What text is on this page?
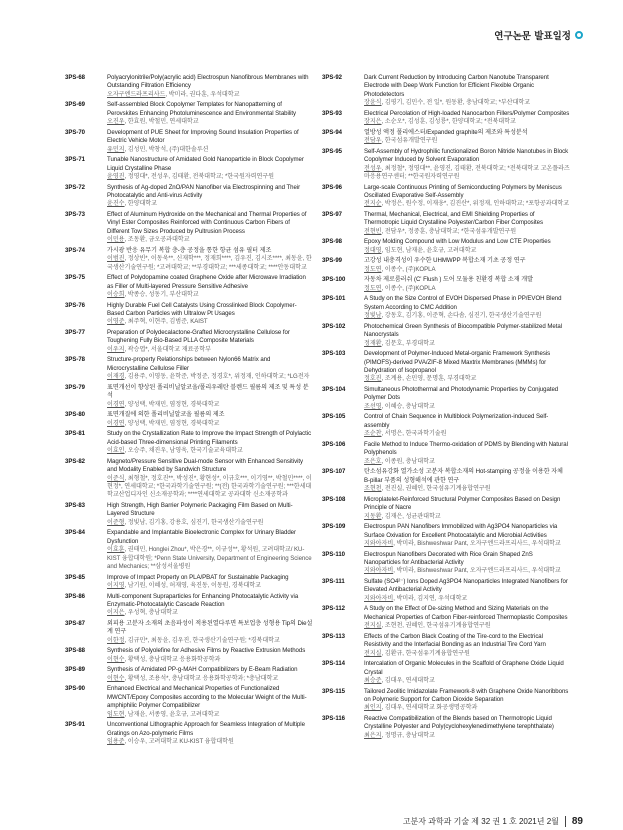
연구논문 발표일정
3PS-68	Polyacrylonitrile/Poly(acrylic acid) Electrospun Nanofibrous Membranes with Outstanding Filtration Efficiency
오자구엔드라프리사드, 박미라, 권다훈, 우석대학교
3PS-69	Self-assembled Block Copolymer Templates for Nanopatterning of Perovskites Enhancing Photoluminescence and Environmental Stability
오진우, 한효원, 박철민, 연세대학교
3PS-70	Development of PUE Sheet for Improving Sound Insulation Properties of Electric Vehicle Motor
유민지, 김성민, 박창석, (주)대한솔루션
3PS-71	Tunable Nanostructure of Amidated Gold Nanoparticle in Block Copolymer Liquid Crystalline Phase
윤영진, 정영대*, 전성우, 김태환, 전북대학교; *한국원자력연구원
3PS-72	Synthesis of Ag-doped ZnO/PAN Nanofiber via Electrospinning and Their Photocatalytic and Anti-virus Activity
윤진수, 한양대학교
3PS-73	Effect of Aluminum Hydroxide on the Mechanical and Thermal Properties of Vinyl Ester Composites Reinforced with Continuous Carbon Fibers of Different Tow Sizes Produced by Pultrusion Process
이민용, 조동환, 금오공과대학교
3PS-74	가시광 반응 유무기 복합 층-층 공정을 통한 항균 섬유 필터 제조
이범진, 정상빈*, 이동욱**, 신재학***, 정재희****, 김우진, 김시조****, 최동윤, 한국생산기술연구원; *고려대학교; **부경대학교; ***세종대학교; ****안동대학교
3PS-75	Effect of Polydopamine coated Graphene Oxide after Microwave Irradiation as Filler of Multi-layered Pressure Sensitive Adhesive
이승희, 박종승, 성동기, 부산대학교
3PS-76	Highly Durable Fuel Cell Catalysts Using Crosslinked Block Copolymer-Based Carbon Particles with Ultralow Pt Usages
이영준, 최주혁, 이현주, 김범준, KAIST
3PS-77	Preparation of Polydecalactone-Grafted Microcrystalline Cellulose for Toughening Fully Bio-Based PLLA Composite Materials
이우지, 곽승엽*, 서울대학교 재료공학부
3PS-78	Structure-property Relationships between Nylon66 Matrix and Microcrystalline Cellulose Filler
이재경, 김용주, 이영동, 윤학준, 박정준, 정경호*, 위정재, 인하대학교; *LG전자
3PS-79	표면개선이 향상된 폴리비닐알코올/폴리우레탄 블렌드 필름의 제조 및 특성 분석
이경연, 양성택, 박재민, 염정현, 경북대학교
3PS-80	표면개질에 의한 폴리비닐알코올 필름의 제조
이경연, 양성택, 박재민, 염정현, 경북대학교
3PS-81	Study on the Crystallization Rate to Improve the Impact Strength of Polylactic Acid-based Three-dimensional Printing Filaments
이효인, 오승주, 채진우, 남영욱, 한국기술교육대학교
3PS-82	Magneto/Pressure Sensitive Dual-mode Sensor with Enhanced Sensitivity and Modality Enabled by Sandwich Structure
이준식, 최형철*, 정호진**, 박성진*, 황현성*, 이규호***, 이기영**, 박철민****, 이현정*, 연세대학교; *한국과학기술연구원; **(전) 한국과학기술연구원; ***한세대학교산업디자인 신소재공학과; ****연세대학교 공과대학 신소재공학과
3PS-83	High Strength, High Barrier Polymeric Packaging Film Based on Multi-Layered Structure
이준형, 정빛남, 김기홍, 강용호, 심진기, 한국생산기술연구원
3PS-84	Expandable and Implantable Bioelectronic Complex for Urinary Bladder Dysfunction
이효훈, 권태민, Honglei Zhou*, 박은경**, 이규성**, 황석원, 고려대학교/ KU-KIST 융합대학원; *Penn State University, Department of Engineering Science and Mechanics; **삼성서울병원
3PS-85	Improve of Impact Property on PLA/PBAT for Sustainable Packaging
이지영, 남기원, 이혜성, 허재영, 육진동, 이동원, 경북대학교
3PS-86	Multi-component Supraparticles for Enhancing Photocatalytic Activity via Enzymatic-Photocatalytic Cascade Reaction
이지은, 우성혁, 충남대학교
3PS-87	외피용 고분자 소재의 초음파성이 적용된열다루면 특보업층 성형용 Tip의 Die설계 연구
이한정, 김규민*, 최동윤, 김우진, 한국생산기술연구원; *경북대학교
3PS-88	Synthesis of Polyolefine for Adhesive Films by Reactive Extrusion Methods
이현수, 황택성, 충남대학교 응용화학공학과
3PS-89	Synthesis of Amidated PP-g-MAH Compatibilizers by E-Beam Radiation
이현수, 황택성, 조용석*, 충남대학교 응용화학공학과; *충남대학교
3PS-90	Enhanced Electrical and Mechanical Properties of Functionalized MWCNT/Epoxy Composites according to the Molecular Weight of the Multi-amphiphilic Polymer Compatibilizer
임도현, 남재윤, 서종영, 윤호규, 고려대학교
3PS-91	Unconventional Lithographic Approach for Seamless Integration of Multiple Gratings on Azo-polymeric Films
임용준, 이승우, 고려대학교 KU-KIST 융합대학원
3PS-92	Dark Current Reduction by Introducing Carbon Nanotube Transparent Electrode with Deep Work Function for Efficient Flexible Organic Photodetectors
장윤식, 김평기, 김민수, 전 일*, 원동환, 충남대학교; *부산대학교
3PS-93	Electrical Percolation of High-loaded Nanocarbon Fillers/Polymer Composites
장지은, 소순오*, 김성훈, 김성룡*, 한양대학교; *전북대학교
3PS-94	열방성 액정 폴리에스터/Expanded graphite의 제조와 특성분석
전담우, 한국섬유개발연구원
3PS-95	Self-Assembly of Hydrophilic functionalized Boron Nitride Nanotubes in Block Copolymer Induced by Solvent Evaporation
전성우, 최정철*, 정영대**, 윤영진, 김태환, 전북대학교; *전북대학교 고온플라즈마응용연구센터; **한국원자력연구원
3PS-96	Large-scale Continuous Printing of Semiconducting Polymers by Meniscus Oscillated Evaporative Self-Assembly
전지순, 박정은, 원수정, 이재웅*, 김진산*, 위정재, 인하대학교; *포항공과대학교
3PS-97	Thermal, Mechanical, Electrical, and EMI Shielding Properties of Thermotropic Liquid Crystalline Polyester/Carbon Fiber Composites
전현빈, 전담우*, 정중훈, 충남대학교; *한국섬유개발연구원
3PS-98	Epoxy Molding Compound with Low Modulus and Low CTE Properties
정대영, 임도현, 남재윤, 윤호규, 고려대학교
3PS-99	고강성 내충격성이 우수한 UHMWPP 복합소재 기초 공정 연구
정도연, 이종수, (주)KOPLA
3PS-100	자동차 제로룸러쉬 (C' Flush ) 도어 모듈용 친환경 복합 소재 개발
정도연, 이종수, (주)KOPLA
3PS-101	A Study on the Size Control of EVOH Dispersed Phase in PP/EVOH Blend System According to CMC Addition
정빛남, 강동호, 김기홍, 이준혁, 손다솜, 심진기, 한국생산기술연구원
3PS-102	Photochemical Green Synthesis of Biocompatible Polymer-stabilized Metal Nanocrystals
정재환, 김문호, 부경대학교
3PS-103	Development of Polymer-Induced Metal-organic Framework Synthesis (PIMOFS)-derived PVA/ZIF-8 Mixed Maxtrix Membranes (MMMs) for Dehydration of Isopropanol
정호진, 조계용, 손민영, 문명훈, 부경대학교
3PS-104	Simultaneous Photothermal and Photodynamic Properties by Conjugated Polymer Dots
조선영, 이혜승, 충남대학교
3PS-105	Control of Chain Sequence in Multiblock Polymerization-induced Self-assembly
조순찬, 서명은, 한국과학기술원
3PS-106	Facile Method to Induce Thermo-oxidation of PDMS by Blending with Natural Polyphenols
조은호, 이종원, 충남대학교
3PS-107	탄소섬유강화 열가소성 고분자 복합소재의 Hot-stamping 공정을 이용한 자체 B-pillar 부품의 성형해석에 관한 연구
조현천, 전진실, 권혜인, 한국섬유기계융합연구원
3PS-108	Microplatelet-Reinforced Structural Polymer Composites Based on Design Principle of Nacre
지동환, 김재은, 성균관대학교
3PS-109	Electrospun PAN Nanofibers Immobilized with Ag3PO4 Nanoparticles via Surface Oxivation for Excellent Photocatalytic and Microbial Activities
지와아자비, 박미라, Bishweshwar Pant, 오자구엔드라프리사드, 우석대학교
3PS-110	Electrospun Nanofibers Decorated with Rice Grain Shaped ZnS Nanoparticles for Antibacterial Activity
지와아자비, 박미라, Bishweshwar Pant, 오자구엔드라프리사드, 우석대학교
3PS-111	Sulfate (SO4²⁻) Ions Doped Ag3PO4 Nanoparticles Integrated Nanofibers for Elevated Antibacterial Activity
지와아자비, 박미라, 김지연, 우석대학교
3PS-112	A Study on the Effect of De-sizing Method and Sizing Materials on the Mechanical Properties of Carbon Fiber-reinforced Thermoplastic Composites
전지실, 조현천, 권혜인, 한국섬유기계융합연구원
3PS-113	Effects of the Carbon Black Coating of the Tire-cord to the Electrical Resistivity and the Interfacial Bonding as an Industrial Tire Cord Yarn
전지실, 김환규, 한국섬유기계융합연구원
3PS-114	Intercalation of Organic Molecules in the Scaffold of Graphene Oxide Liquid Crystal
최승준, 김대우, 연세대학교
3PS-115	Tailored Zeolitic Imidazolate Framework-8 with Graphene Oxide Nanoribbons on Polymeric Support for Carbon Dioxide Separation
최인지, 김대우, 연세대학교 화공생명공학과
3PS-116	Reactive Compatibilization of the Blends based on Thermotropic Liquid Crystalline Polyester and Poly(cyclohexylenedimethylene terephthalate)
최은지, 정명규, 충남대학교
고분자 과학과 기술 제 32 권 1 호 2021년 2월 89
